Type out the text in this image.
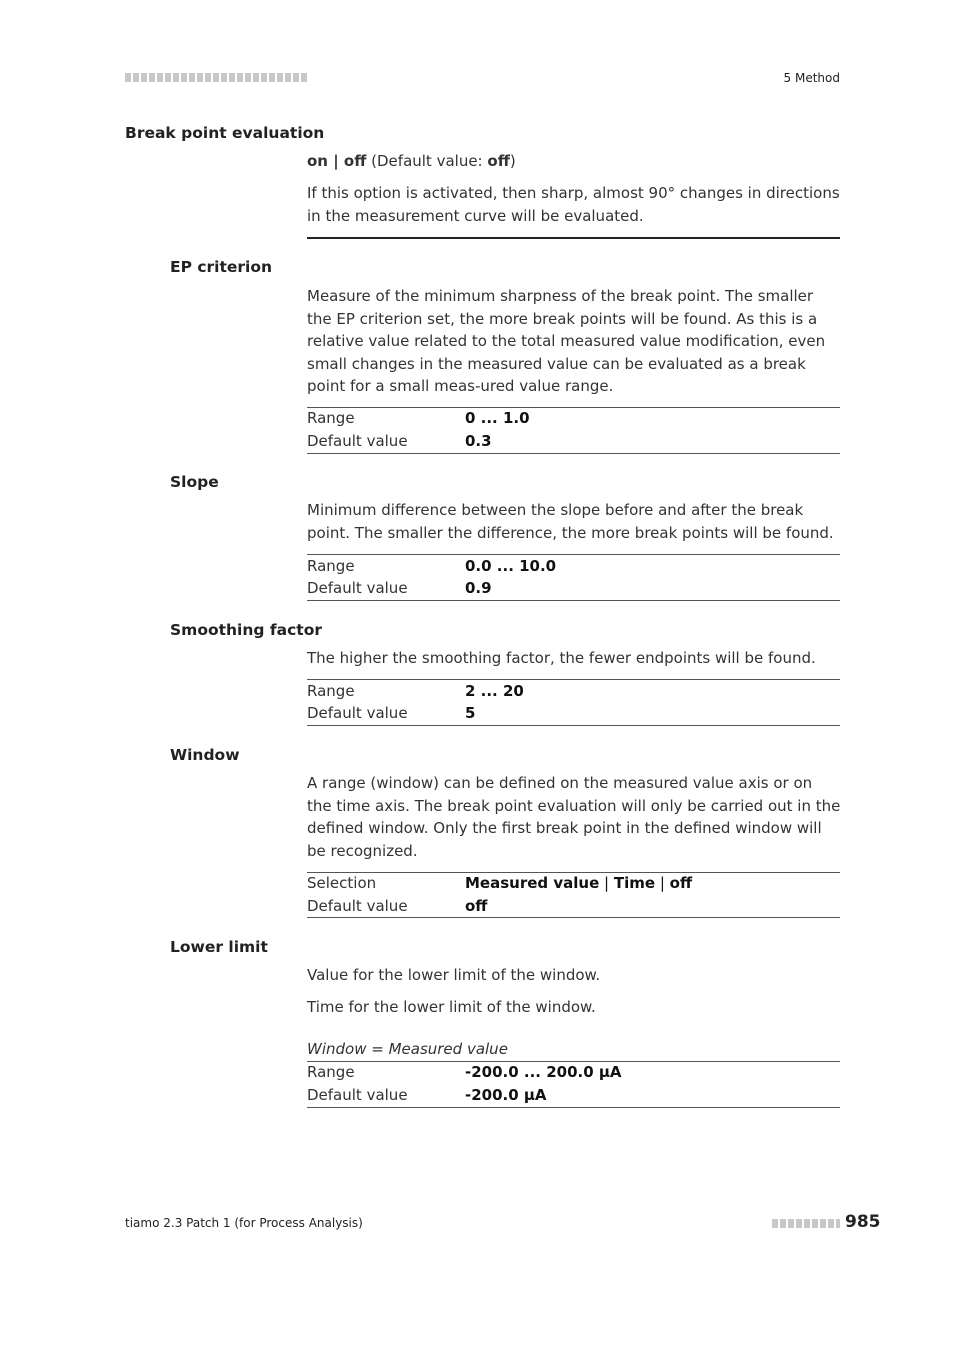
5 Method
Break point evaluation
on | off (Default value: off)
If this option is activated, then sharp, almost 90° changes in directions in the measurement curve will be evaluated.
EP criterion
Measure of the minimum sharpness of the break point. The smaller the EP criterion set, the more break points will be found. As this is a relative value related to the total measured value modification, even small changes in the measured value can be evaluated as a break point for a small meas-ured value range.
Range	0 ... 1.0
Default value	0.3
Slope
Minimum difference between the slope before and after the break point. The smaller the difference, the more break points will be found.
Range	0.0 ... 10.0
Default value	0.9
Smoothing factor
The higher the smoothing factor, the fewer endpoints will be found.
Range	2 ... 20
Default value	5
Window
A range (window) can be defined on the measured value axis or on the time axis. The break point evaluation will only be carried out in the defined window. Only the first break point in the defined window will be recognized.
Selection	Measured value | Time | off
Default value	off
Lower limit
Value for the lower limit of the window.
Time for the lower limit of the window.
Window = Measured value
Range	-200.0 ... 200.0 µA
Default value	-200.0 µA
tiamo 2.3 Patch 1 (for Process Analysis)	985
